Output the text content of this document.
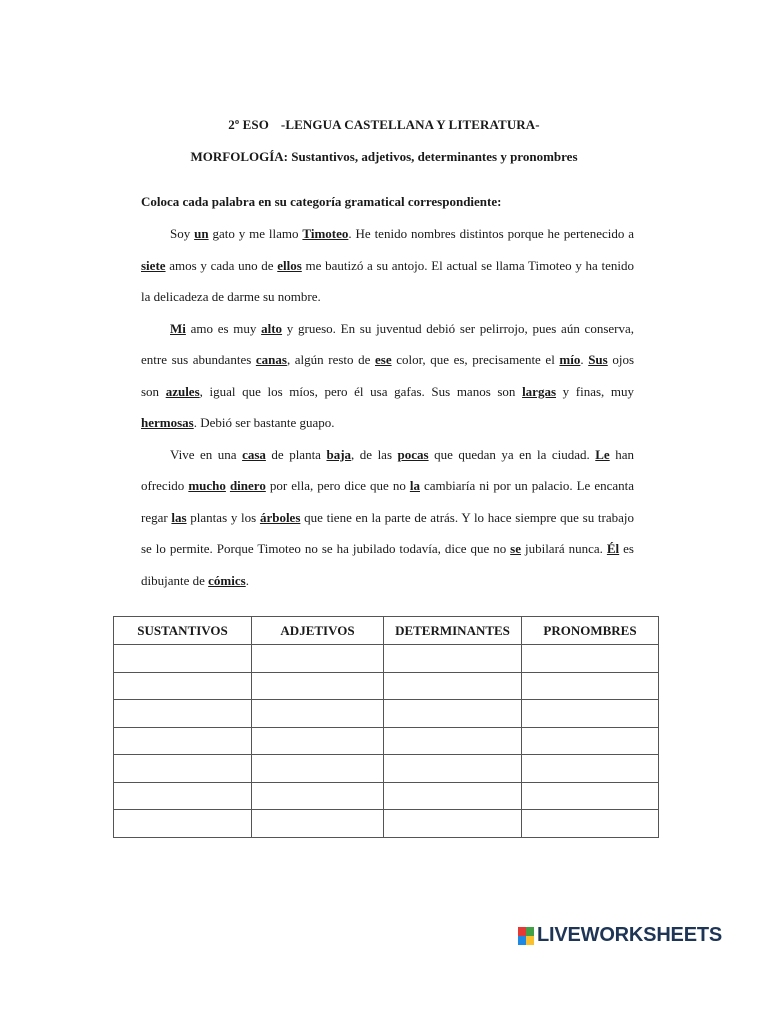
2º ESO -LENGUA CASTELLANA Y LITERATURA-
MORFOLOGÍA: Sustantivos, adjetivos, determinantes y pronombres
Coloca cada palabra en su categoría gramatical correspondiente:

Soy un gato y me llamo Timoteo. He tenido nombres distintos porque he pertenecido a siete amos y cada uno de ellos me bautizó a su antojo. El actual se llama Timoteo y ha tenido la delicadeza de darme su nombre.

Mi amo es muy alto y grueso. En su juventud debió ser pelirrojo, pues aún conserva, entre sus abundantes canas, algún resto de ese color, que es, precisamente el mío. Sus ojos son azules, igual que los míos, pero él usa gafas. Sus manos son largas y finas, muy hermosas. Debió ser bastante guapo.

Vive en una casa de planta baja, de las pocas que quedan ya en la ciudad. Le han ofrecido mucho dinero por ella, pero dice que no la cambiaría ni por un palacio. Le encanta regar las plantas y los árboles que tiene en la parte de atrás. Y lo hace siempre que su trabajo se lo permite. Porque Timoteo no se ha jubilado todavía, dice que no se jubilará nunca. Él es dibujante de cómics.

SUSTANTIVOS	ADJETIVOS	DETERMINANTES	PRONOMBRES

LIVEWORKSHEETS
